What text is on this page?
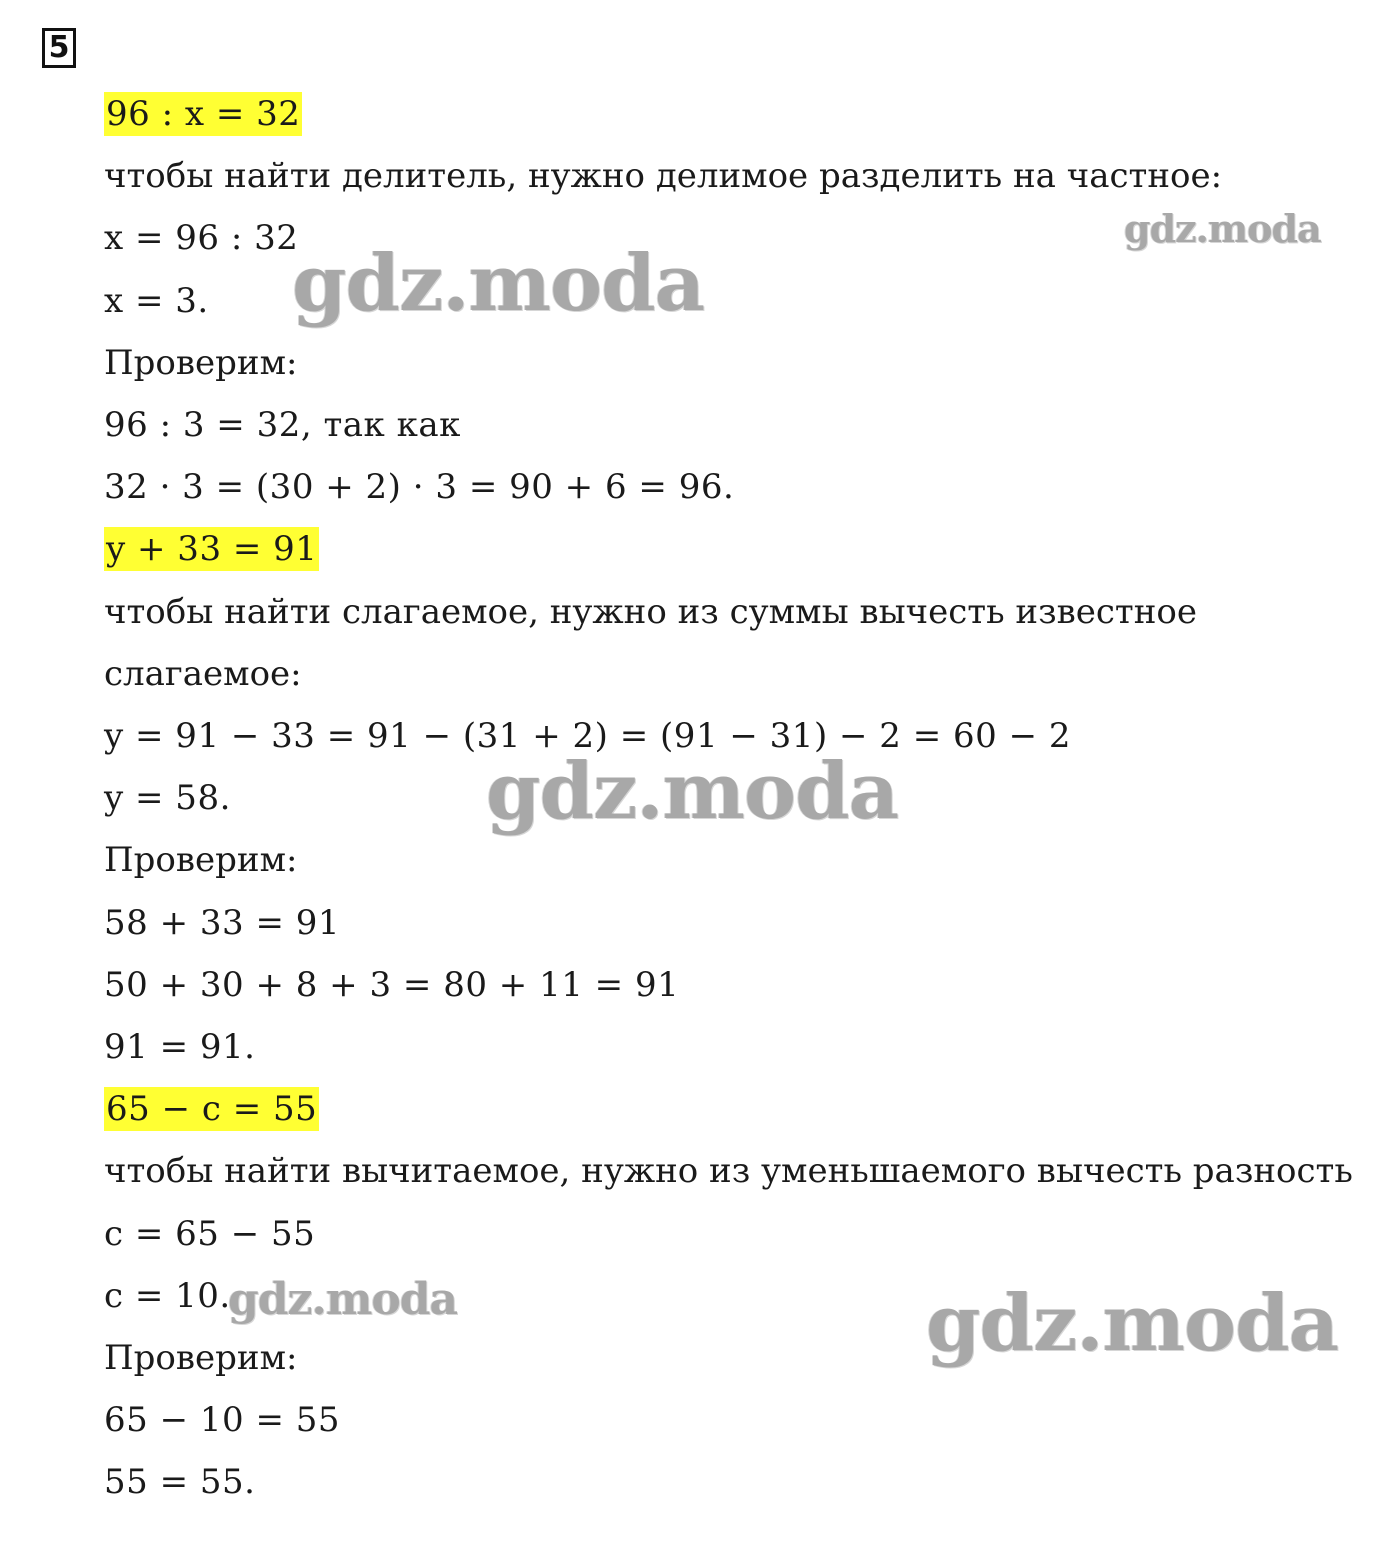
5
96 : x = 32
чтобы найти делитель, нужно делимое разделить на частное:
x = 96 : 32
x = 3.
Проверим:
96 : 3 = 32, так как
32 · 3 = (30 + 2) · 3 = 90 + 6 = 96.
y + 33 = 91
чтобы найти слагаемое, нужно из суммы вычесть известное
слагаемое:
y = 91 − 33 = 91 − (31 + 2) = (91 − 31) − 2 = 60 − 2
y = 58.
Проверим:
58 + 33 = 91
50 + 30 + 8 + 3 = 80 + 11 = 91
91 = 91.
65 − c = 55
чтобы найти вычитаемое, нужно из уменьшаемого вычесть разность
c = 65 − 55
c = 10.
Проверим:
65 − 10 = 55
55 = 55.
gdz.moda
gdz.moda
gdz.moda
gdz.moda	gdz.moda
